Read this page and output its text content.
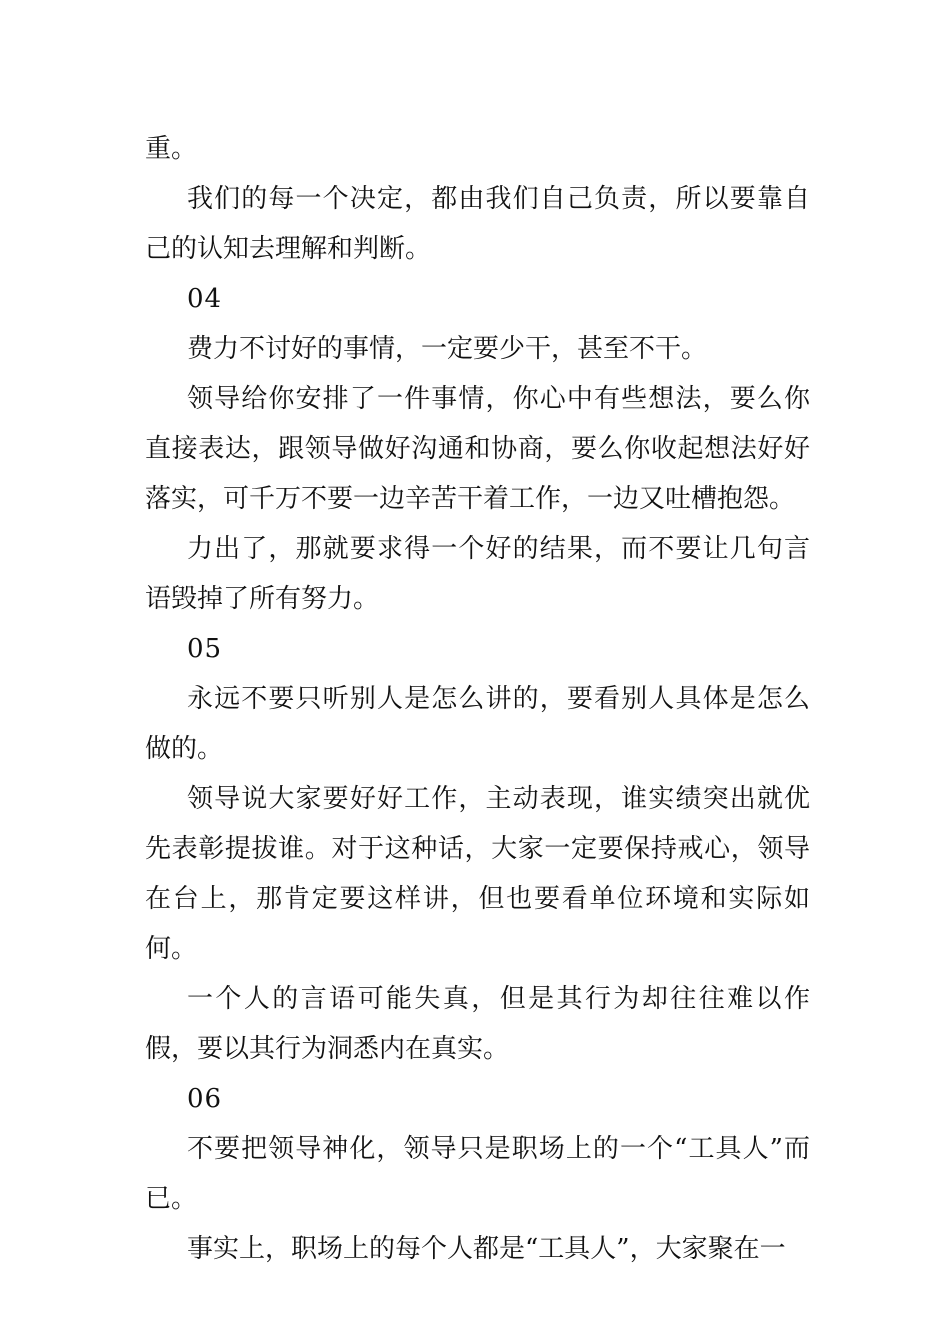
重。

我们的每一个决定，都由我们自己负责，所以要靠自己的认知去理解和判断。

04

费力不讨好的事情，一定要少干，甚至不干。

领导给你安排了一件事情，你心中有些想法，要么你直接表达，跟领导做好沟通和协商，要么你收起想法好好落实，可千万不要一边辛苦干着工作，一边又吐槽抱怨。

力出了，那就要求得一个好的结果，而不要让几句言语毁掉了所有努力。

05

永远不要只听别人是怎么讲的，要看别人具体是怎么做的。

领导说大家要好好工作，主动表现，谁实绩突出就优先表彰提拔谁。对于这种话，大家一定要保持戒心，领导在台上，那肯定要这样讲，但也要看单位环境和实际如何。

一个人的言语可能失真，但是其行为却往往难以作假，要以其行为洞悉内在真实。

06

不要把领导神化，领导只是职场上的一个“工具人”而已。

事实上，职场上的每个人都是“工具人”，大家聚在一
